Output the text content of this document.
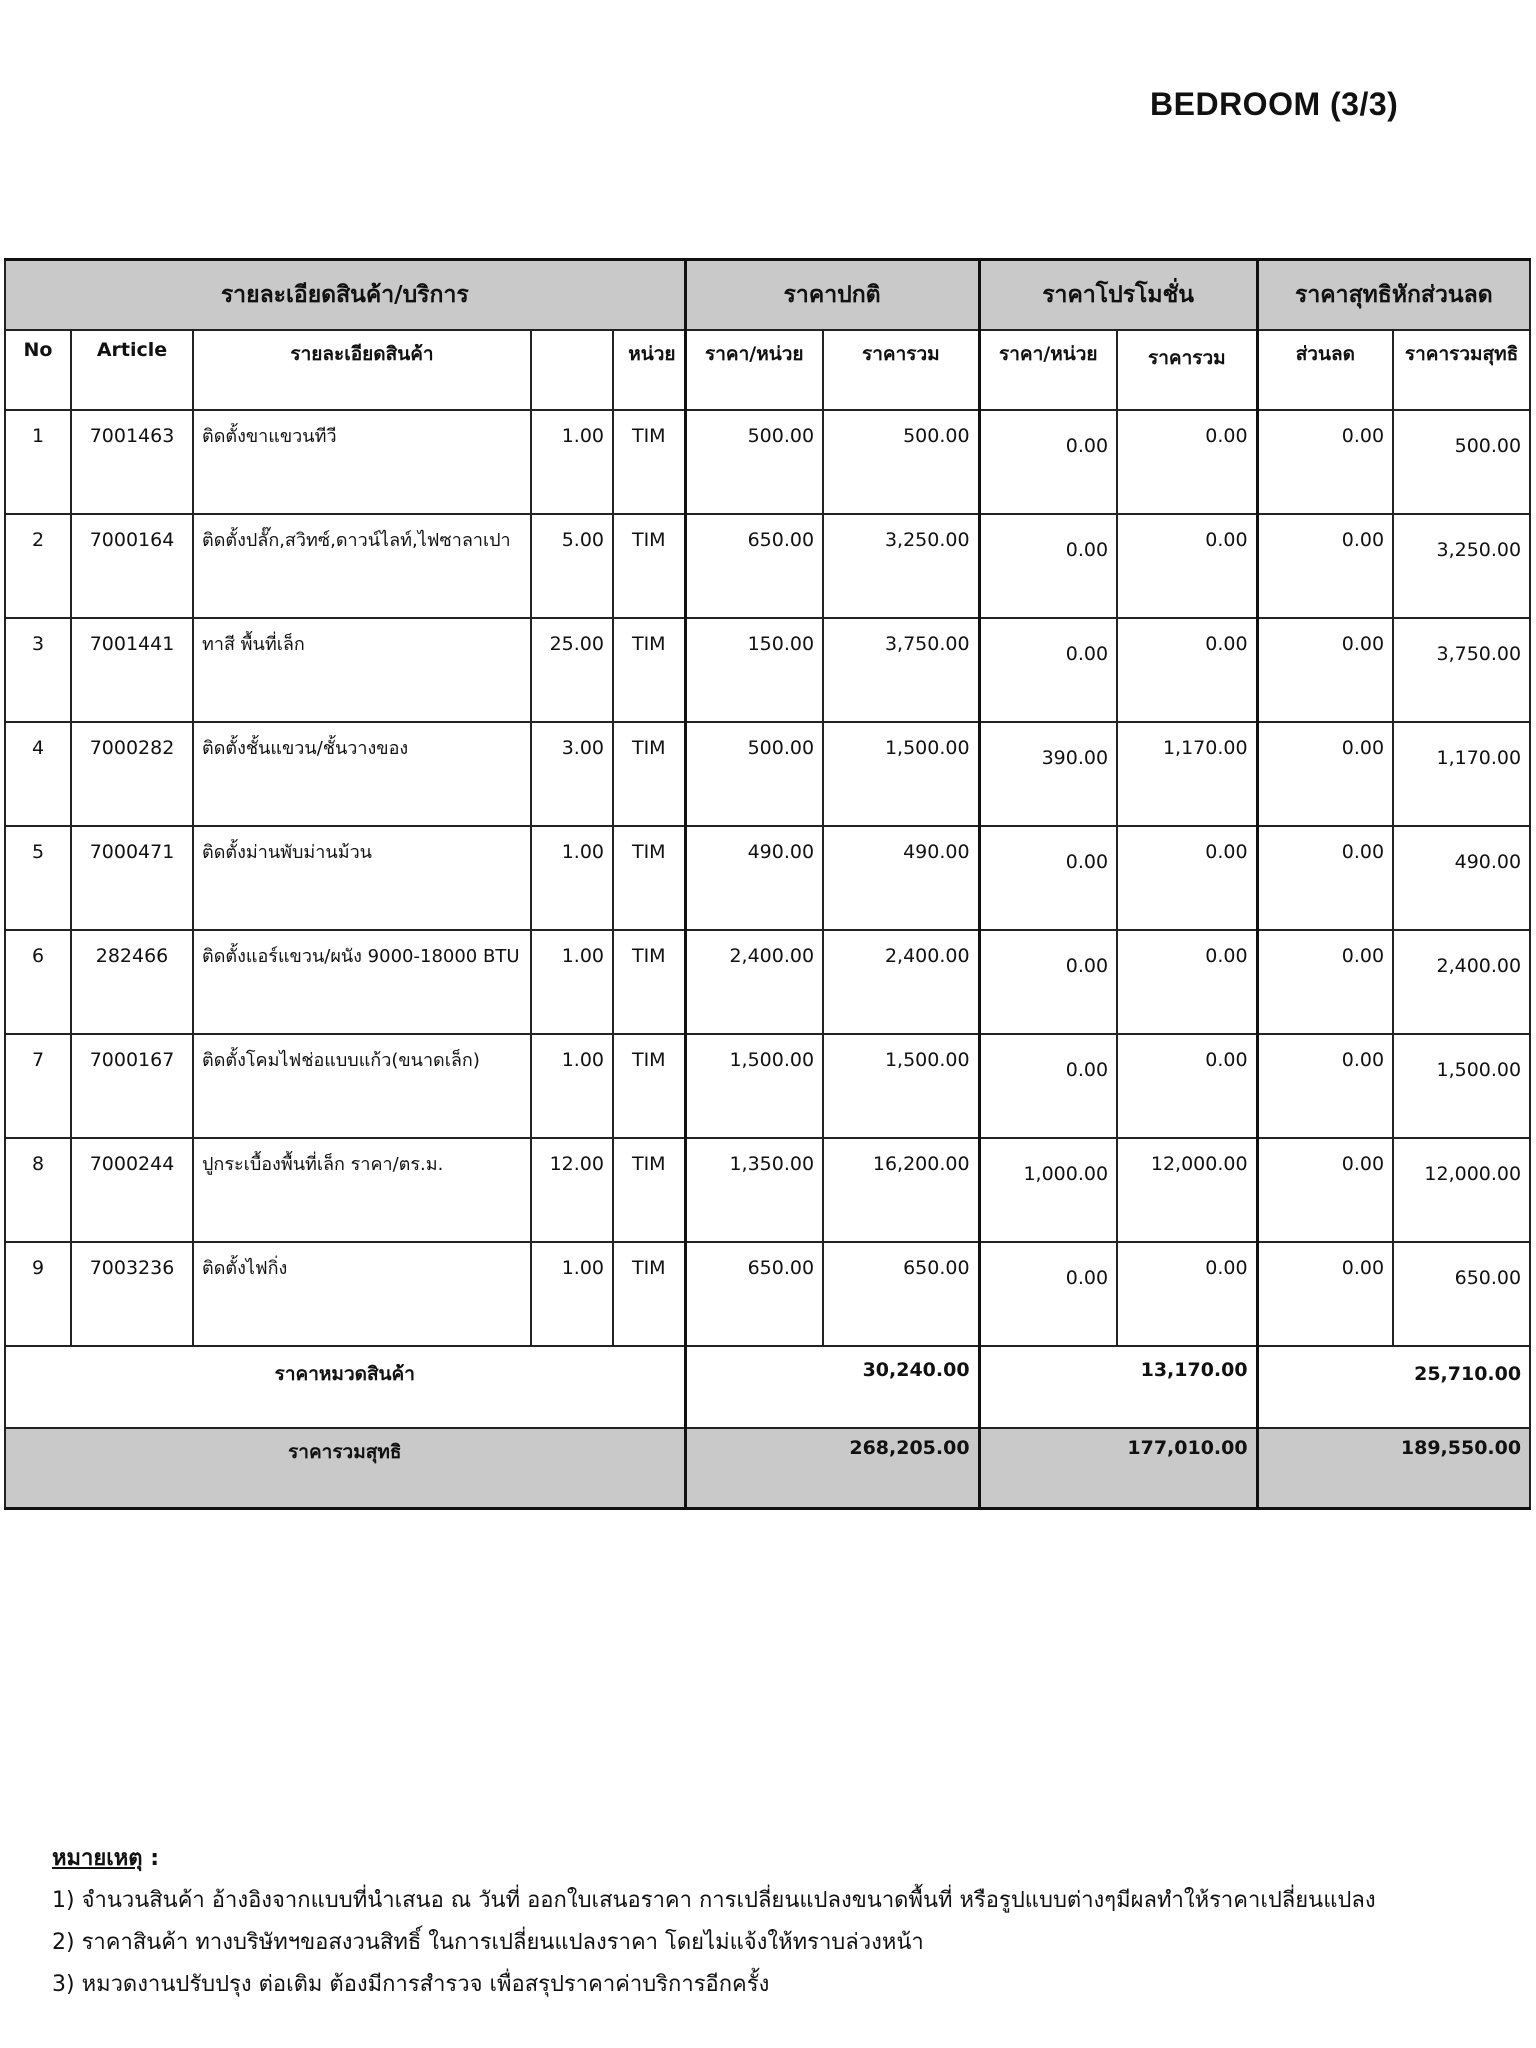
BEDROOM (3/3)
รายละเอียดสินค้า/บริการ					ราคาปกติ		ราคาโปรโมชั่น		ราคาสุทธิหักส่วนลด	
No	Article	รายละเอียดสินค้า		หน่วย	ราคา/หน่วย	ราคารวม	ราคา/หน่วย	ราคารวม	ส่วนลด	ราคารวมสุทธิ
1	7001463	ติดตั้งขาแขวนทีวี	1.00	TIM	500.00	500.00	0.00	0.00	0.00	500.00
2	7000164	ติดตั้งปลั๊ก,สวิทซ์,ดาวน์ไลท์,ไฟซาลาเปา	5.00	TIM	650.00	3,250.00	0.00	0.00	0.00	3,250.00
3	7001441	ทาสี พื้นที่เล็ก	25.00	TIM	150.00	3,750.00	0.00	0.00	0.00	3,750.00
4	7000282	ติดตั้งชั้นแขวน/ชั้นวางของ	3.00	TIM	500.00	1,500.00	390.00	1,170.00	0.00	1,170.00
5	7000471	ติดตั้งม่านพับม่านม้วน	1.00	TIM	490.00	490.00	0.00	0.00	0.00	490.00
6	282466	ติดตั้งแอร์แขวน/ผนัง 9000-18000 BTU	1.00	TIM	2,400.00	2,400.00	0.00	0.00	0.00	2,400.00
7	7000167	ติดตั้งโคมไฟช่อแบบแก้ว(ขนาดเล็ก)	1.00	TIM	1,500.00	1,500.00	0.00	0.00	0.00	1,500.00
8	7000244	ปูกระเบื้องพื้นที่เล็ก ราคา/ตร.ม.	12.00	TIM	1,350.00	16,200.00	1,000.00	12,000.00	0.00	12,000.00
9	7003236	ติดตั้งไฟกิ่ง	1.00	TIM	650.00	650.00	0.00	0.00	0.00	650.00
ราคาหมวดสินค้า					30,240.00		13,170.00		25,710.00	
ราคารวมสุทธิ					268,205.00		177,010.00		189,550.00	
หมายเหตุ :
1) จำนวนสินค้า อ้างอิงจากแบบที่นำเสนอ ณ วันที่ ออกใบเสนอราคา การเปลี่ยนแปลงขนาดพื้นที่ หรือรูปแบบต่างๆมีผลทำให้ราคาเปลี่ยนแปลง
2) ราคาสินค้า ทางบริษัทฯขอสงวนสิทธิ์ ในการเปลี่ยนแปลงราคา โดยไม่แจ้งให้ทราบล่วงหน้า
3) หมวดงานปรับปรุง ต่อเติม ต้องมีการสำรวจ เพื่อสรุปราคาค่าบริการอีกครั้ง
